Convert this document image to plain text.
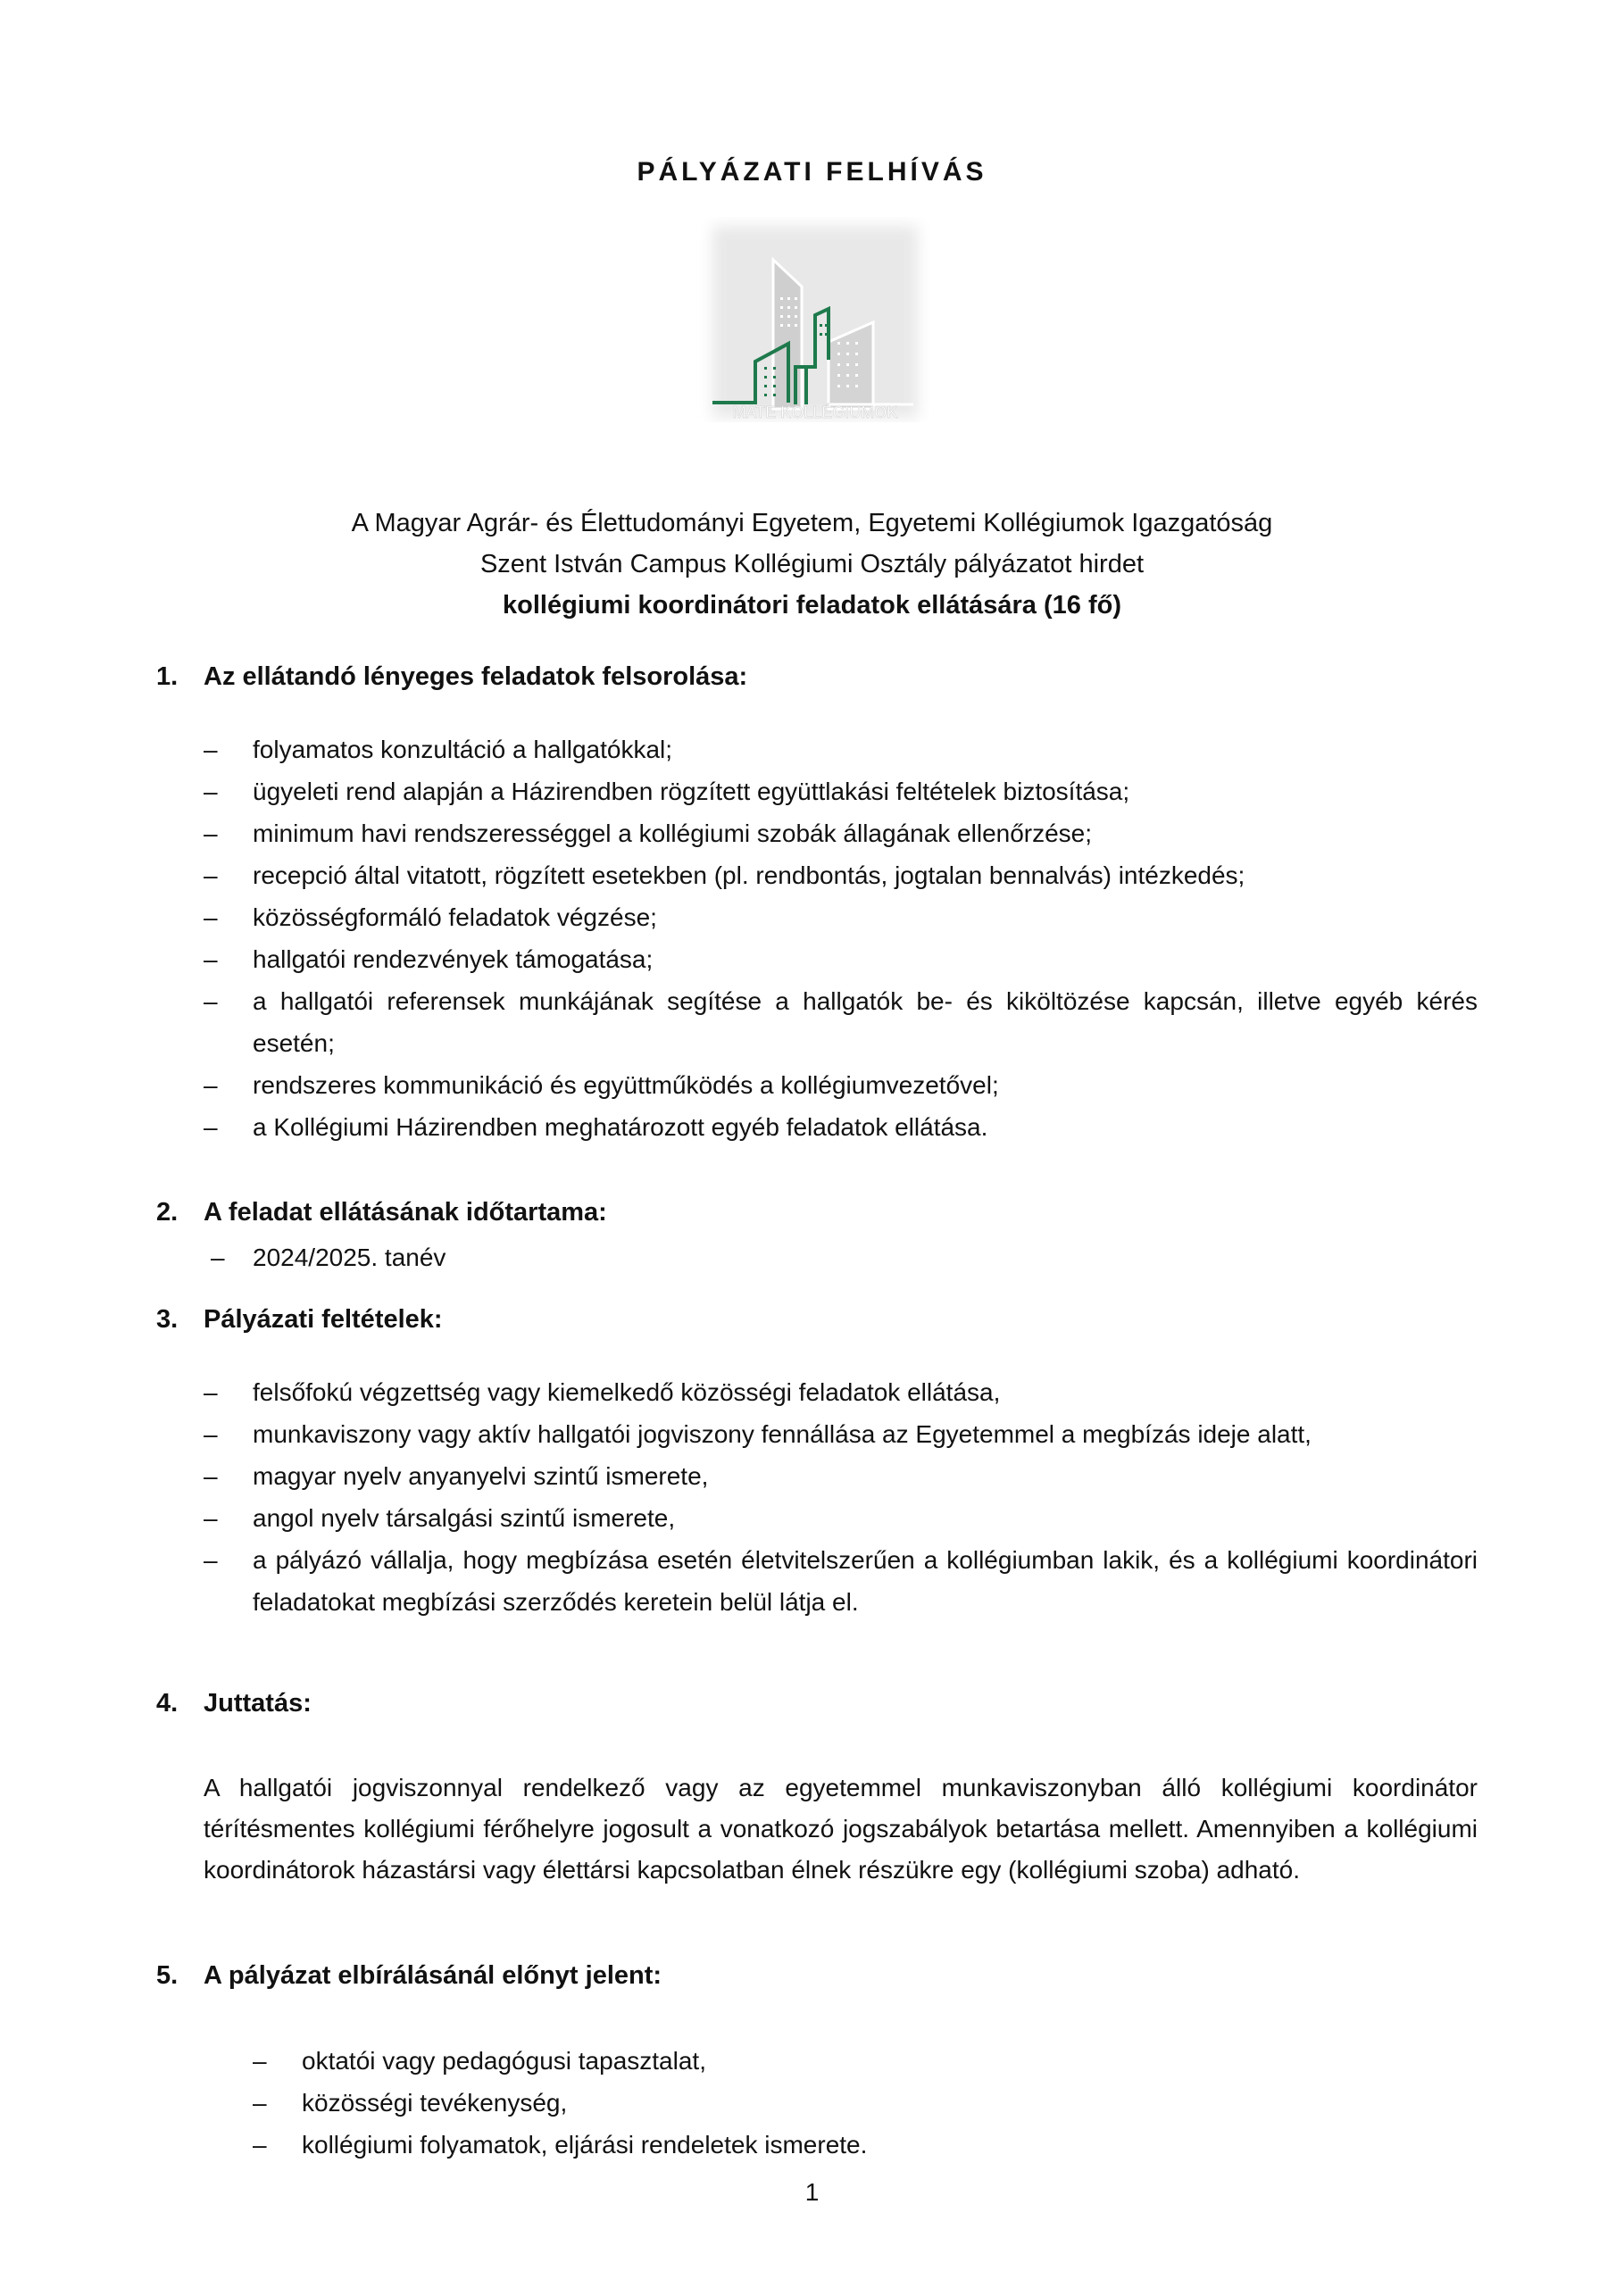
PÁLYÁZATI FELHÍVÁS
MATE KOLLÉGIUMOK
A Magyar Agrár- és Élettudományi Egyetem, Egyetemi Kollégiumok Igazgatóság
Szent István Campus Kollégiumi Osztály pályázatot hirdet
kollégiumi koordinátori feladatok ellátására (16 fő)
1. Az ellátandó lényeges feladatok felsorolása:
– folyamatos konzultáció a hallgatókkal;
– ügyeleti rend alapján a Házirendben rögzített együttlakási feltételek biztosítása;
– minimum havi rendszerességgel a kollégiumi szobák állagának ellenőrzése;
– recepció által vitatott, rögzített esetekben (pl. rendbontás, jogtalan bennalvás) intézkedés;
– közösségformáló feladatok végzése;
– hallgatói rendezvények támogatása;
– a hallgatói referensek munkájának segítése a hallgatók be- és kiköltözése kapcsán, illetve egyéb kérés esetén;
– rendszeres kommunikáció és együttműködés a kollégiumvezetővel;
– a Kollégiumi Házirendben meghatározott egyéb feladatok ellátása.
2. A feladat ellátásának időtartama:
– 2024/2025. tanév
3. Pályázati feltételek:
– felsőfokú végzettség vagy kiemelkedő közösségi feladatok ellátása,
– munkaviszony vagy aktív hallgatói jogviszony fennállása az Egyetemmel a megbízás ideje alatt,
– magyar nyelv anyanyelvi szintű ismerete,
– angol nyelv társalgási szintű ismerete,
– a pályázó vállalja, hogy megbízása esetén életvitelszerűen a kollégiumban lakik, és a kollégiumi koordinátori feladatokat megbízási szerződés keretein belül látja el.
4. Juttatás:
A hallgatói jogviszonnyal rendelkező vagy az egyetemmel munkaviszonyban álló kollégiumi koordinátor térítésmentes kollégiumi férőhelyre jogosult a vonatkozó jogszabályok betartása mellett. Amennyiben a kollégiumi koordinátorok házastársi vagy élettársi kapcsolatban élnek részükre egy (kollégiumi szoba) adható.
5. A pályázat elbírálásánál előnyt jelent:
– oktatói vagy pedagógusi tapasztalat,
– közösségi tevékenység,
– kollégiumi folyamatok, eljárási rendeletek ismerete.
1
